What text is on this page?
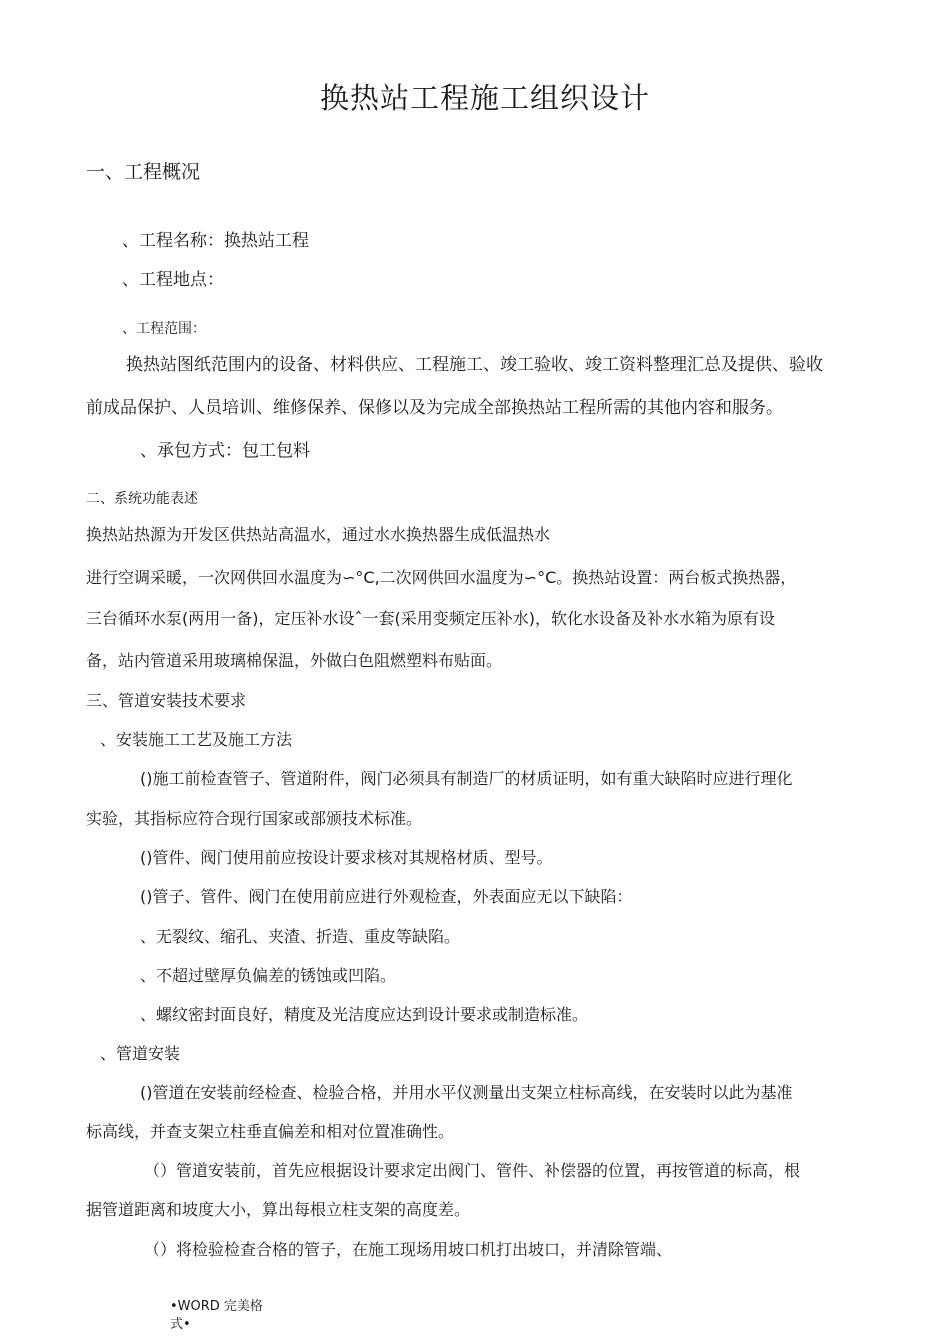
换热站工程施工组织设计
一、工程概况
、工程名称：换热站工程
、工程地点：
、工程范围：
换热站图纸范围内的设备、材料供应、工程施工、竣工验收、竣工资料整理汇总及提供、验收
前成品保护、人员培训、维修保养、保修以及为完成全部换热站工程所需的其他内容和服务。
、承包方式：包工包料
二、系统功能表述
换热站热源为开发区供热站高温水，通过水水换热器生成低温热水
进行空调采暖，一次网供回水温度为∽°C,二次网供回水温度为∽°C。换热站设置：两台板式换热器，
三台循环水泵(两用一备)，定压补水设ˆ一套(采用变频定压补水)，软化水设备及补水水箱为原有设
备，站内管道采用玻璃棉保温，外做白色阻燃塑料布贴面。
三、管道安装技术要求
、安装施工工艺及施工方法
()施工前检查管子、管道附件，阀门必须具有制造厂的材质证明，如有重大缺陷时应进行理化
实验，其指标应符合现行国家或部颁技术标准。
()管件、阀门使用前应按设计要求核对其规格材质、型号。
()管子、管件、阀门在使用前应进行外观检查，外表面应无以下缺陷：
、无裂纹、缩孔、夹渣、折造、重皮等缺陷。
、不超过壁厚负偏差的锈蚀或凹陷。
、螺纹密封面良好，精度及光洁度应达到设计要求或制造标准。
、管道安装
()管道在安装前经检查、检验合格，并用水平仪测量出支架立柱标高线，在安装时以此为基准
标高线，并查支架立柱垂直偏差和相对位置准确性。
（）管道安装前，首先应根据设计要求定出阀门、管件、补偿器的位置，再按管道的标高，根
据管道距离和坡度大小，算出每根立柱支架的高度差。
（）将检验检查合格的管子，在施工现场用坡口机打出坡口，并清除管端、
•WORD 完美格
式•
